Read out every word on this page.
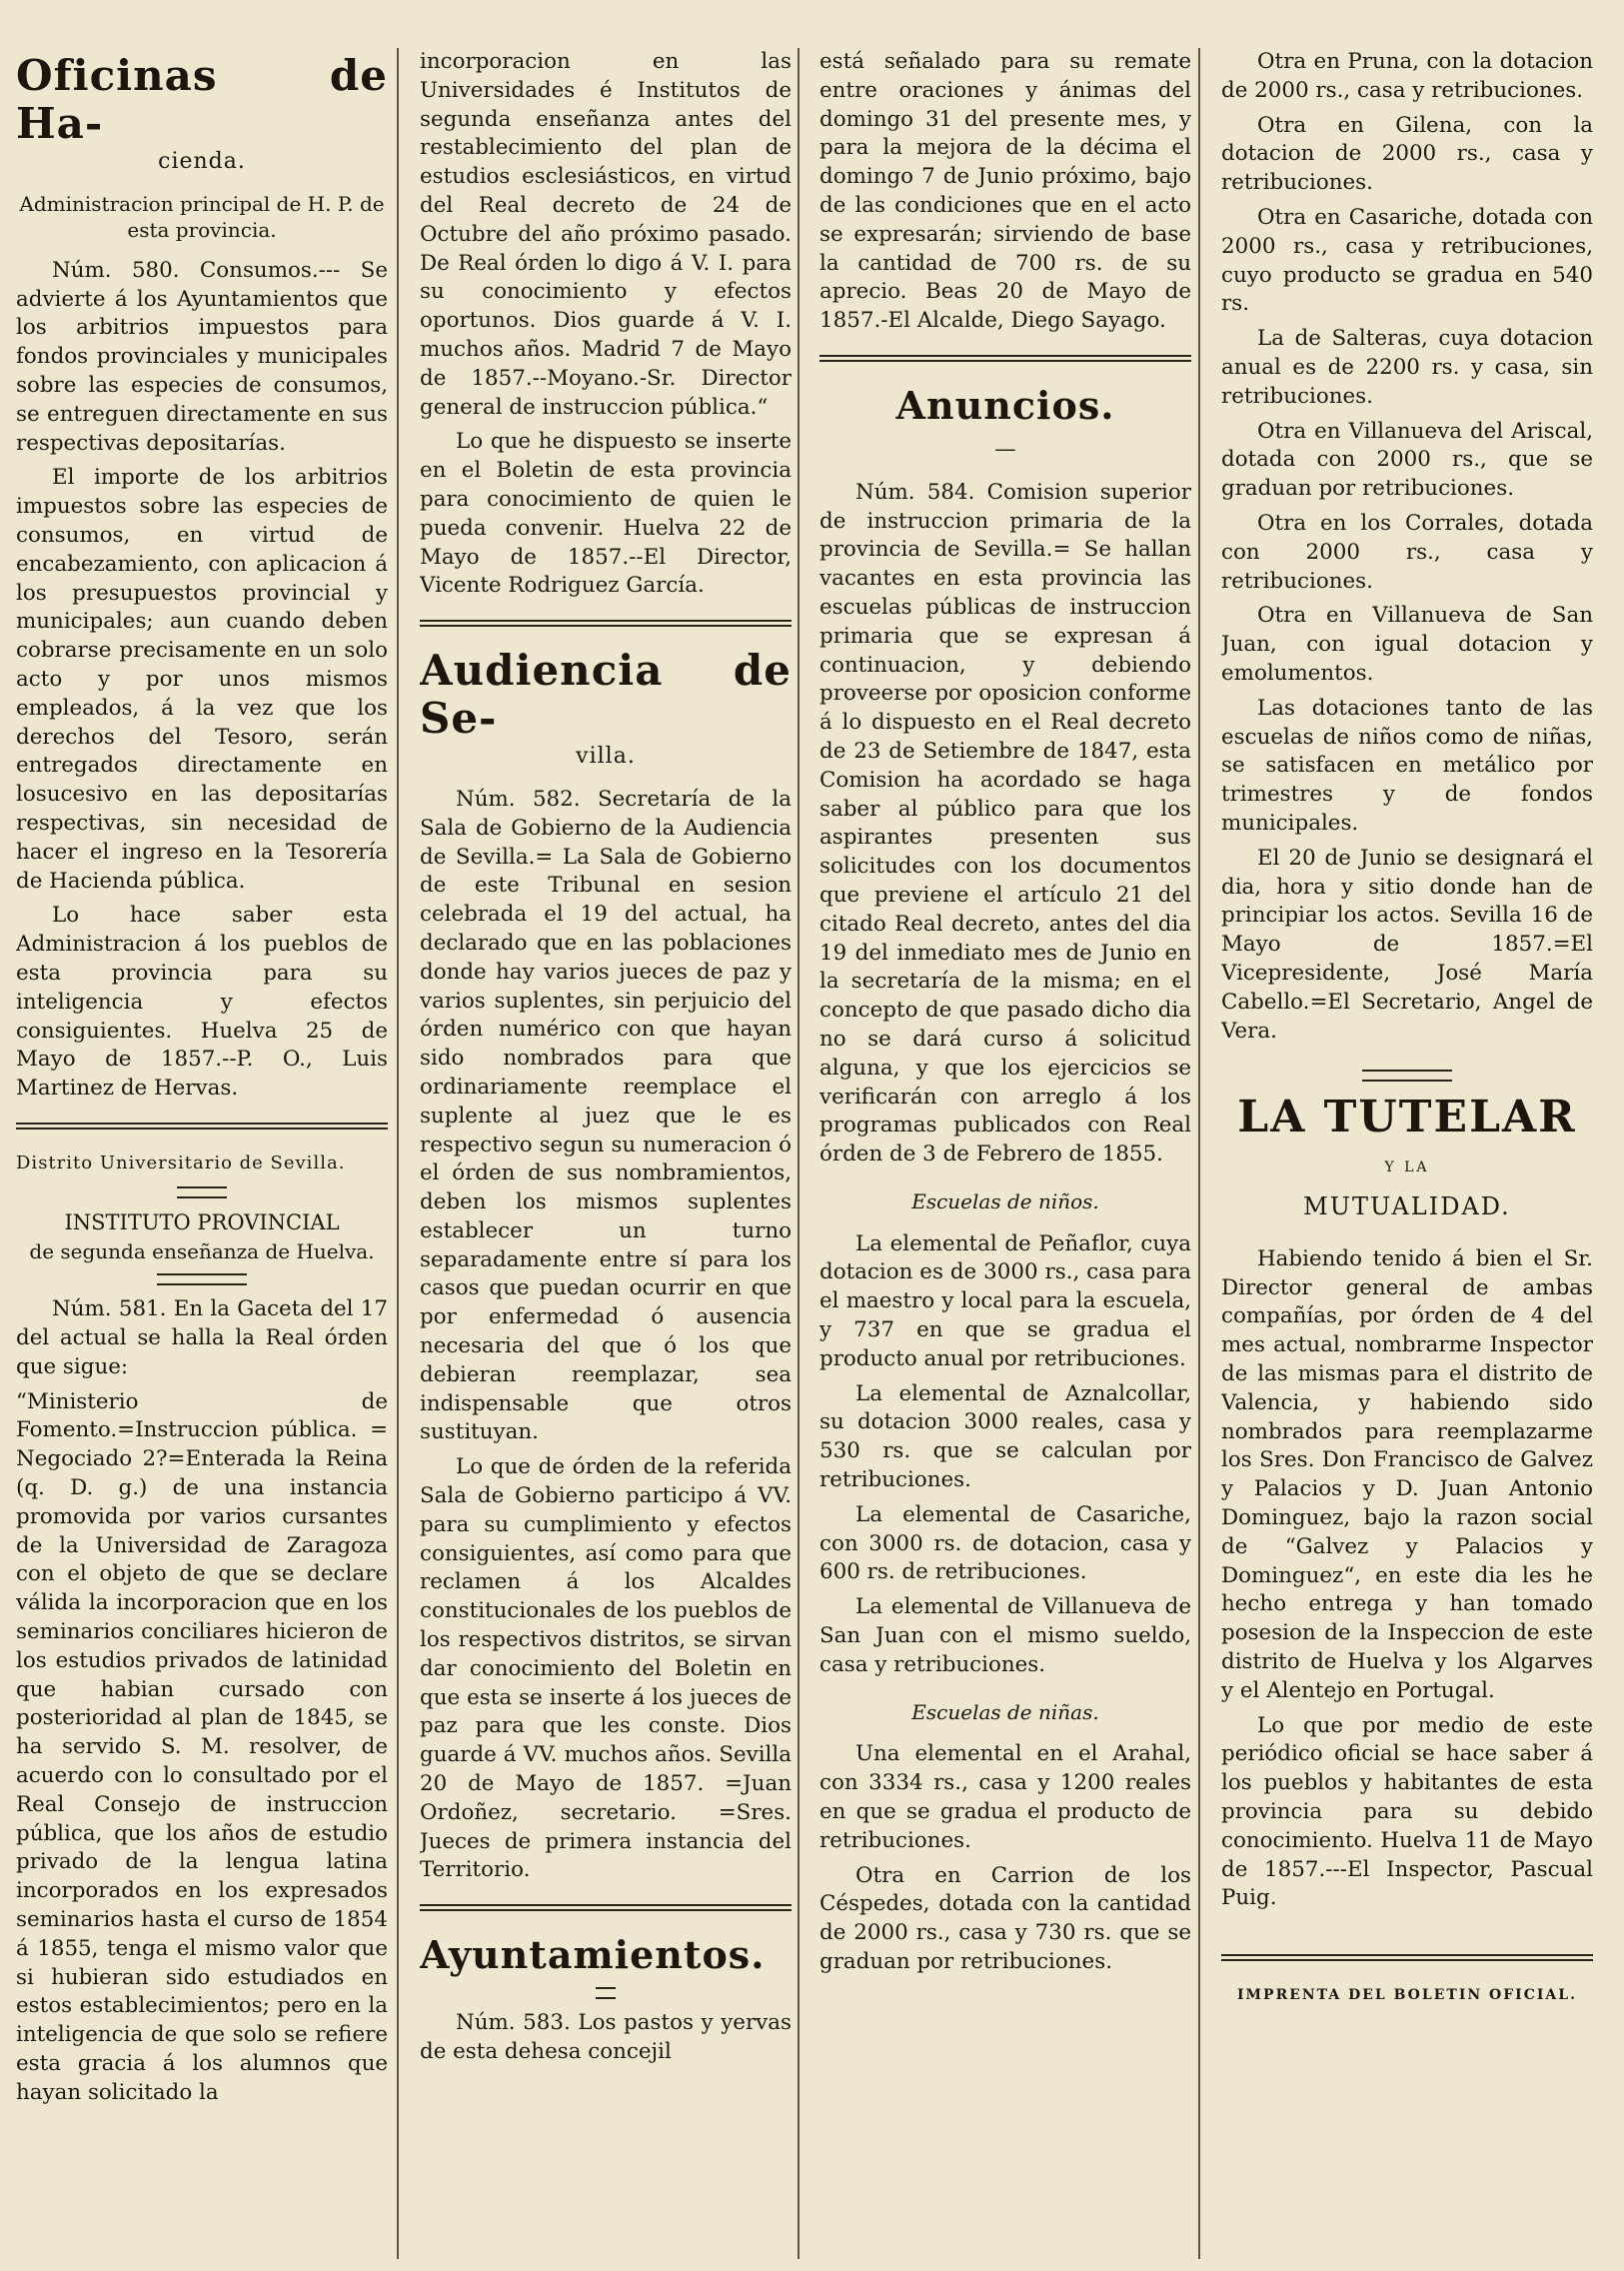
Oficinas de Ha-
cienda.
Administracion principal de H. P. de esta provincia.

Núm. 580. Consumos.--- Se advierte á los Ayuntamientos que los arbitrios impuestos para fondos provinciales y municipales sobre las especies de consumos, se entreguen directamente en sus respectivas depositarías.

El importe de los arbitrios impuestos sobre las especies de consumos, en virtud de encabezamiento, con aplicacion á los presupuestos provincial y municipales; aun cuando deben cobrarse precisamente en un solo acto y por unos mismos empleados, á la vez que los derechos del Tesoro, serán entregados directamente en losucesivo en las depositarías respectivas, sin necesidad de hacer el ingreso en la Tesorería de Hacienda pública.

Lo hace saber esta Administracion á los pueblos de esta provincia para su inteligencia y efectos consiguientes. Huelva 25 de Mayo de 1857.--P. O., Luis Martinez de Hervas.

Distrito Universitario de Sevilla.
INSTITUTO PROVINCIAL
de segunda enseñanza de Huelva.

Núm. 581. En la Gaceta del 17 del actual se halla la Real órden que sigue:

“Ministerio de Fomento.=Instruccion pública. = Negociado 2?=Enterada la Reina (q. D. g.) de una instancia promovida por varios cursantes de la Universidad de Zaragoza con el objeto de que se declare válida la incorporacion que en los seminarios conciliares hicieron de los estudios privados de latinidad que habian cursado con posterioridad al plan de 1845, se ha servido S. M. resolver, de acuerdo con lo consultado por el Real Consejo de instruccion pública, que los años de estudio privado de la lengua latina incorporados en los expresados seminarios hasta el curso de 1854 á 1855, tenga el mismo valor que si hubieran sido estudiados en estos establecimientos; pero en la inteligencia de que solo se refiere esta gracia á los alumnos que hayan solicitado la

incorporacion en las Universidades é Institutos de segunda enseñanza antes del restablecimiento del plan de estudios esclesiásticos, en virtud del Real decreto de 24 de Octubre del año próximo pasado. De Real órden lo digo á V. I. para su conocimiento y efectos oportunos. Dios guarde á V. I. muchos años. Madrid 7 de Mayo de 1857.--Moyano.-Sr. Director general de instruccion pública.“

Lo que he dispuesto se inserte en el Boletin de esta provincia para conocimiento de quien le pueda convenir. Huelva 22 de Mayo de 1857.--El Director, Vicente Rodriguez García.

Audiencia de Se-
villa.

Núm. 582. Secretaría de la Sala de Gobierno de la Audiencia de Sevilla.= La Sala de Gobierno de este Tribunal en sesion celebrada el 19 del actual, ha declarado que en las poblaciones donde hay varios jueces de paz y varios suplentes, sin perjuicio del órden numérico con que hayan sido nombrados para que ordinariamente reemplace el suplente al juez que le es respectivo segun su numeracion ó el órden de sus nombramientos, deben los mismos suplentes establecer un turno separadamente entre sí para los casos que puedan ocurrir en que por enfermedad ó ausencia necesaria del que ó los que debieran reemplazar, sea indispensable que otros sustituyan.

Lo que de órden de la referida Sala de Gobierno participo á VV. para su cumplimiento y efectos consiguientes, así como para que reclamen á los Alcaldes constitucionales de los pueblos de los respectivos distritos, se sirvan dar conocimiento del Boletin en que esta se inserte á los jueces de paz para que les conste. Dios guarde á VV. muchos años. Sevilla 20 de Mayo de 1857. =Juan Ordoñez, secretario. =Sres. Jueces de primera instancia del Territorio.

Ayuntamientos.

Núm. 583. Los pastos y yervas de esta dehesa concejil

está señalado para su remate entre oraciones y ánimas del domingo 31 del presente mes, y para la mejora de la décima el domingo 7 de Junio próximo, bajo de las condiciones que en el acto se expresarán; sirviendo de base la cantidad de 700 rs. de su aprecio. Beas 20 de Mayo de 1857.-El Alcalde, Diego Sayago.

Anuncios.
—

Núm. 584. Comision superior de instruccion primaria de la provincia de Sevilla.= Se hallan vacantes en esta provincia las escuelas públicas de instruccion primaria que se expresan á continuacion, y debiendo proveerse por oposicion conforme á lo dispuesto en el Real decreto de 23 de Setiembre de 1847, esta Comision ha acordado se haga saber al público para que los aspirantes presenten sus solicitudes con los documentos que previene el artículo 21 del citado Real decreto, antes del dia 19 del inmediato mes de Junio en la secretaría de la misma; en el concepto de que pasado dicho dia no se dará curso á solicitud alguna, y que los ejercicios se verificarán con arreglo á los programas publicados con Real órden de 3 de Febrero de 1855.

Escuelas de niños.

La elemental de Peñaflor, cuya dotacion es de 3000 rs., casa para el maestro y local para la escuela, y 737 en que se gradua el producto anual por retribuciones.

La elemental de Aznalcollar, su dotacion 3000 reales, casa y 530 rs. que se calculan por retribuciones.

La elemental de Casariche, con 3000 rs. de dotacion, casa y 600 rs. de retribuciones.

La elemental de Villanueva de San Juan con el mismo sueldo, casa y retribuciones.

Escuelas de niñas.

Una elemental en el Arahal, con 3334 rs., casa y 1200 reales en que se gradua el producto de retribuciones.

Otra en Carrion de los Céspedes, dotada con la cantidad de 2000 rs., casa y 730 rs. que se graduan por retribuciones.

Otra en Pruna, con la dotacion de 2000 rs., casa y retribuciones.

Otra en Gilena, con la dotacion de 2000 rs., casa y retribuciones.

Otra en Casariche, dotada con 2000 rs., casa y retribuciones, cuyo producto se gradua en 540 rs.

La de Salteras, cuya dotacion anual es de 2200 rs. y casa, sin retribuciones.

Otra en Villanueva del Ariscal, dotada con 2000 rs., que se graduan por retribuciones.

Otra en los Corrales, dotada con 2000 rs., casa y retribuciones.

Otra en Villanueva de San Juan, con igual dotacion y emolumentos.

Las dotaciones tanto de las escuelas de niños como de niñas, se satisfacen en metálico por trimestres y de fondos municipales.

El 20 de Junio se designará el dia, hora y sitio donde han de principiar los actos. Sevilla 16 de Mayo de 1857.=El Vicepresidente, José María Cabello.=El Secretario, Angel de Vera.

LA TUTELAR
Y LA
MUTUALIDAD.

Habiendo tenido á bien el Sr. Director general de ambas compañías, por órden de 4 del mes actual, nombrarme Inspector de las mismas para el distrito de Valencia, y habiendo sido nombrados para reemplazarme los Sres. Don Francisco de Galvez y Palacios y D. Juan Antonio Dominguez, bajo la razon social de “Galvez y Palacios y Dominguez“, en este dia les he hecho entrega y han tomado posesion de la Inspeccion de este distrito de Huelva y los Algarves y el Alentejo en Portugal.

Lo que por medio de este periódico oficial se hace saber á los pueblos y habitantes de esta provincia para su debido conocimiento. Huelva 11 de Mayo de 1857.---El Inspector, Pascual Puig.

IMPRENTA DEL BOLETIN OFICIAL.
